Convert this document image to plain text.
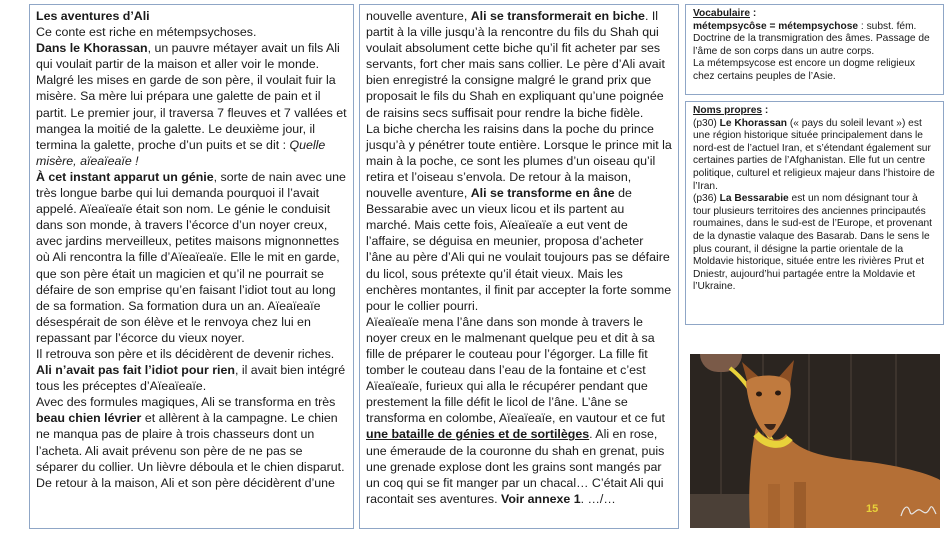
Les aventures d’Ali

Ce conte est riche en métempsychoses.

Dans le Khorassan, un pauvre métayer avait un fils Ali qui voulait partir de la maison et aller voir le monde. Malgré les mises en garde de son père, il voulait fuir la misère. Sa mère lui prépara une galette de pain et il partit. Le premier jour, il traversa 7 fleuves et 7 vallées et mangea la moitié de la galette. Le deuxième jour, il termina la galette, proche d’un puits et se dit : Quelle misère, aïeaïeaïe !

À cet instant apparut un génie, sorte de nain avec une très longue barbe qui lui demanda pourquoi il l’avait appelé. Aïeaïeaïe était son nom. Le génie le conduisit dans son monde, à travers l’écorce d’un noyer creux, avec jardins merveilleux, petites maisons mignonnettes où Ali rencontra la fille d’Aïeaïeaïe. Elle le mit en garde, que son père était un magicien et qu’il ne pourrait se défaire de son emprise qu’en faisant l’idiot tout au long de sa formation. Sa formation dura un an. Aïeaïeaïe désespérait de son élève et le renvoya chez lui en repassant par l’écorce du vieux noyer.

Il retrouva son père et ils décidèrent de devenir riches.

Ali n’avait pas fait l’idiot pour rien, il avait bien intégré tous les préceptes d’Aïeaïeaïe.

Avec des formules magiques, Ali se transforma en très beau chien lévrier et allèrent à la campagne. Le chien ne manqua pas de plaire à trois chasseurs dont un l’acheta. Ali avait prévenu son père de ne pas se séparer du collier. Un lièvre déboula et le chien disparut.

De retour à la maison, Ali et son père décidèrent d’une

nouvelle aventure, Ali se transformerait en biche. Il partit à la ville jusqu’à la rencontre du fils du Shah qui voulait absolument cette biche qu’il fit acheter par ses servants, fort cher mais sans collier. Le père d’Ali avait bien enregistré la consigne malgré le grand prix que proposait le fils du Shah en expliquant qu’une poignée de raisins secs suffisait pour rendre la biche fidèle.

La biche chercha les raisins dans la poche du prince jusqu’à y pénétrer toute entière. Lorsque le prince mit la main à la poche, ce sont les plumes d’un oiseau qu’il retira et l’oiseau s’envola. De retour à la maison, nouvelle aventure, Ali se transforme en âne de Bessarabie avec un vieux licou et ils partent au marché. Mais cette fois, Aïeaïeaïe a eut vent de l’affaire, se déguisa en meunier, proposa d’acheter l’âne au père d’Ali qui ne voulait toujours pas se défaire du licol, sous prétexte qu’il était vieux. Mais les enchères montantes, il finit par accepter la forte somme pour le collier pourri.

Aïeaïeaïe mena l’âne dans son monde à travers le noyer creux en le malmenant quelque peu et dit à sa fille de préparer le couteau pour l’égorger. La fille fit tomber le couteau dans l’eau de la fontaine et c’est Aïeaïeaïe, furieux qui alla le récupérer pendant que prestement la fille défit le licol de l’âne. L’âne se transforma en colombe, Aïeaïeaïe, en vautour et ce fut une bataille de génies et de sortilèges. Ali en rose, une émeraude de la couronne du shah en grenat, puis une grenade explose dont les grains sont mangés par un coq qui se fit manger par un chacal… C’était Ali qui racontait ses aventures. Voir annexe 1. …/…

Vocabulaire :

métempsycôse = métempsychose : subst. fém. Doctrine de la transmigration des âmes. Passage de l’âme de son corps dans un autre corps.

La métempsycose est encore un dogme religieux chez certains peuples de l’Asie.

Noms propres :

(p30) Le Khorassan (« pays du soleil levant ») est une région historique située principalement dans le nord-est de l’actuel Iran, et s’étendant également sur certaines parties de l’Afghanistan. Elle fut un centre politique, culturel et religieux majeur dans l’histoire de l’Iran.

(p36) La Bessarabie est un nom désignant tour à tour plusieurs territoires des anciennes principautés roumaines, dans le sud-est de l’Europe, et provenant de la dynastie valaque des Basarab. Dans le sens le plus courant, il désigne la partie orientale de la Moldavie historique, située entre les rivières Prut et Dniestr, aujourd’hui partagée entre la Moldavie et l’Ukraine.

15
